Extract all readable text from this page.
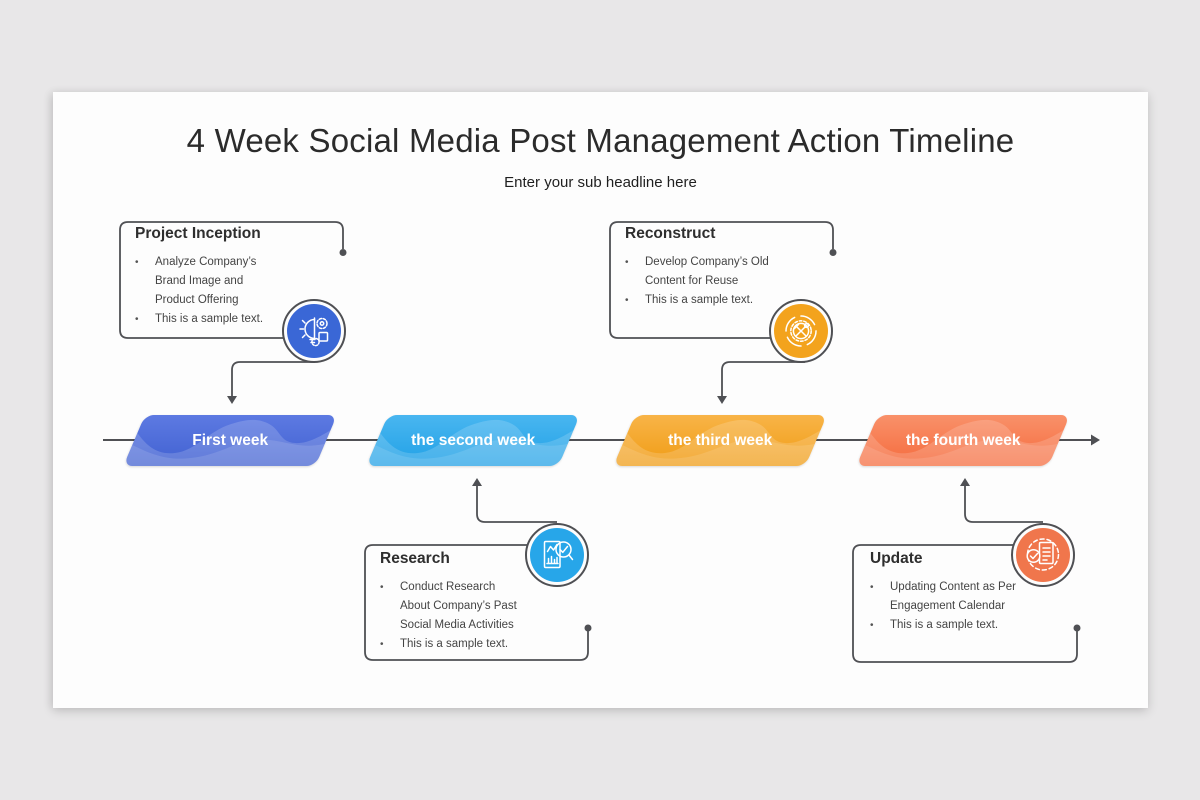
4 Week Social Media Post Management Action Timeline
Enter your sub headline here
First week	the second week	the third week	the fourth week
Project Inception
•	Analyze Company’s
Brand Image and
Product Offering
•	This is a sample text.
Reconstruct
•	Develop Company’s Old
Content for Reuse
•	This is a sample text.
Research
•	Conduct Research
About Company’s Past
Social Media Activities
•	This is a sample text.
Update
•	Updating Content as Per
Engagement Calendar
•	This is a sample text.
